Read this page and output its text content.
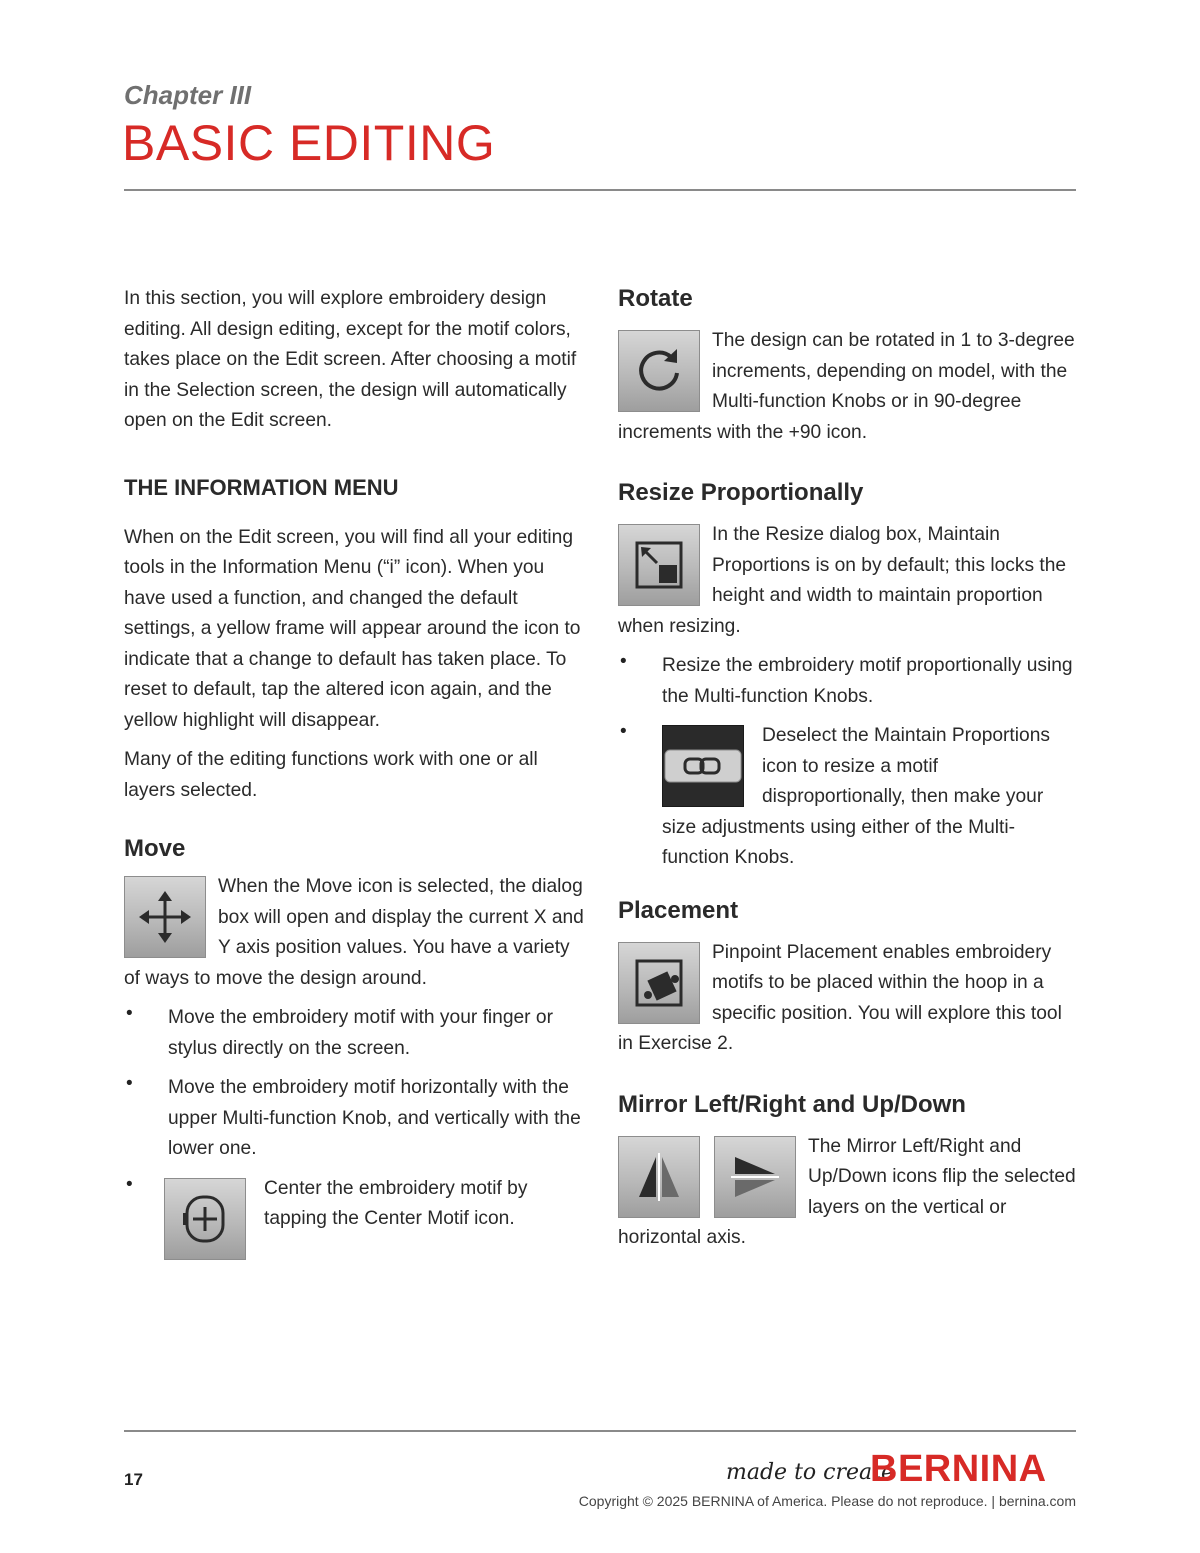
Chapter III
BASIC EDITING

In this section, you will explore embroidery design editing. All design editing, except for the motif colors, takes place on the Edit screen. After choosing a motif in the Selection screen, the design will automatically open on the Edit screen.

THE INFORMATION MENU

When on the Edit screen, you will find all your editing tools in the Information Menu (“i” icon). When you have used a function, and changed the default settings, a yellow frame will appear around the icon to indicate that a change to default has taken place. To reset to default, tap the altered icon again, and the yellow highlight will disappear.

Many of the editing functions work with one or all layers selected.

Move

When the Move icon is selected, the dialog box will open and display the current X and Y axis position values. You have a variety of ways to move the design around.

• Move the embroidery motif with your finger or stylus directly on the screen.

• Move the embroidery motif horizontally with the upper Multi-function Knob, and vertically with the lower one.

•	Center the embroidery motif by tapping the Center Motif icon.

Rotate

The design can be rotated in 1 to 3-degree increments, depending on model, with the Multi-function Knobs or in 90-degree increments with the +90 icon.

Resize Proportionally

In the Resize dialog box, Maintain Proportions is on by default; this locks the height and width to maintain proportion when resizing.

• Resize the embroidery motif proportionally using the Multi-function Knobs.

•	Deselect the Maintain Proportions icon to resize a motif disproportionally, then make your size adjustments using either of the Multi-function Knobs.

Placement

Pinpoint Placement enables embroidery motifs to be placed within the hoop in a specific position. You will explore this tool in Exercise 2.

Mirror Left/Right and Up/Down

The Mirror Left/Right and Up/Down icons flip the selected layers on the vertical or horizontal axis.

17	made to create
BERNINA
Copyright © 2025 BERNINA of America. Please do not reproduce. | bernina.com
